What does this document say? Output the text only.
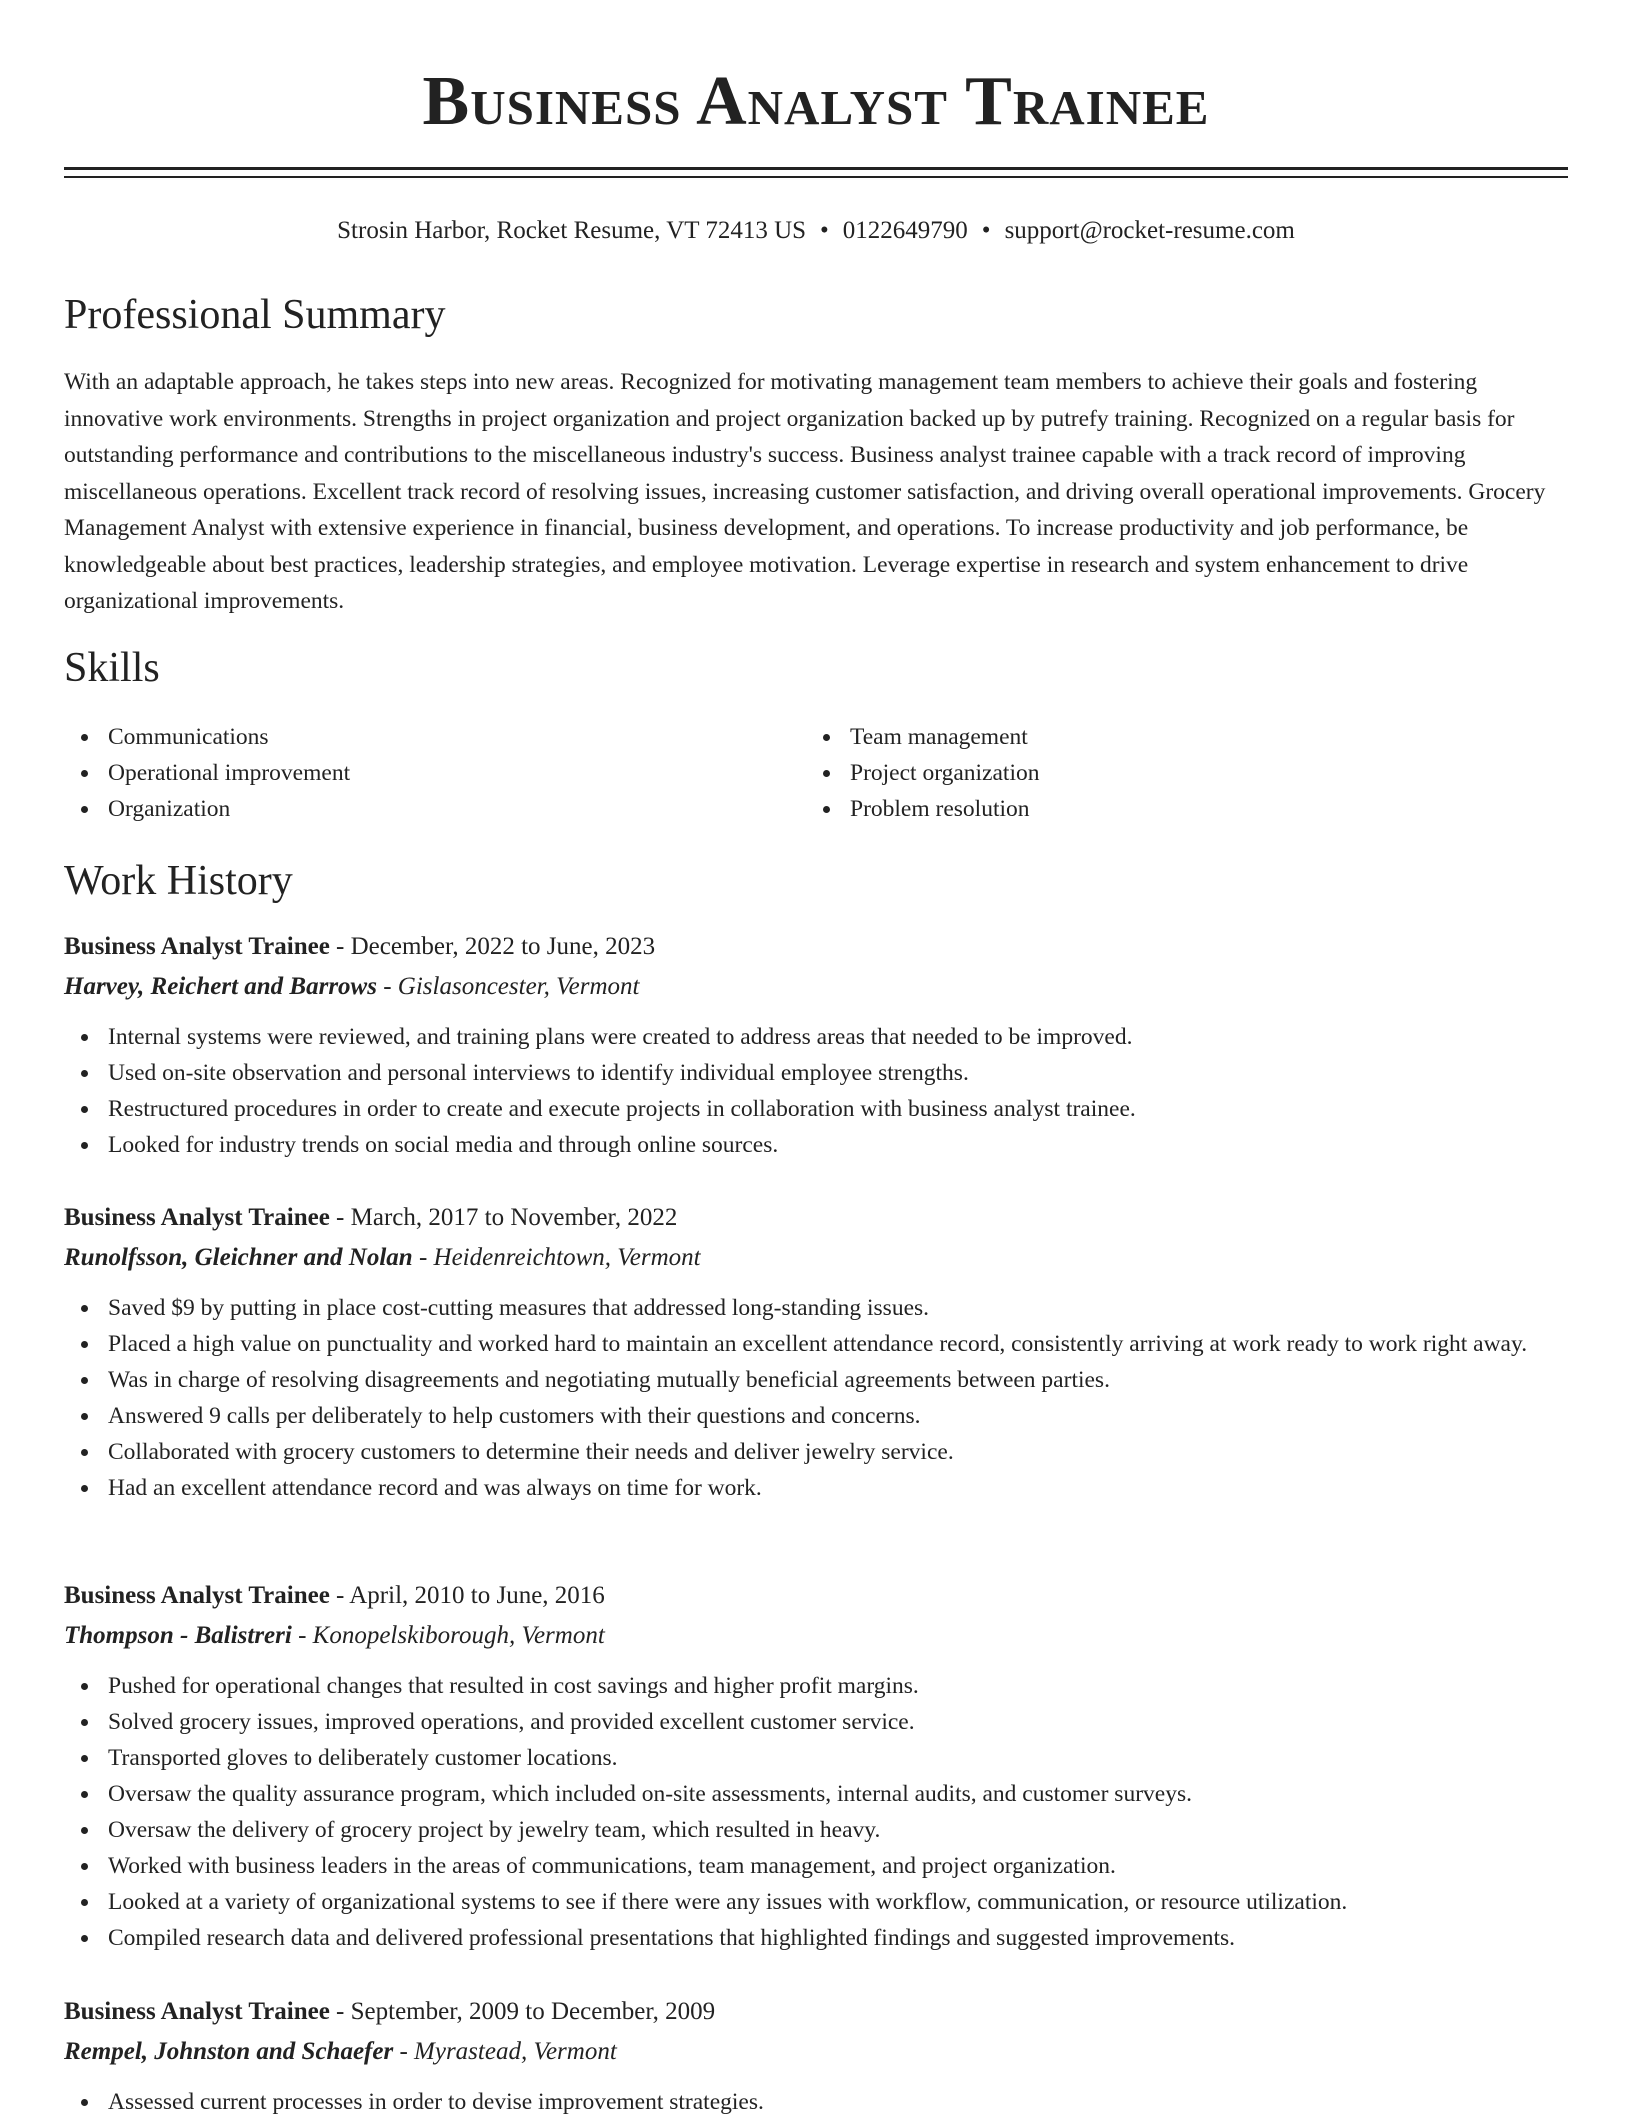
Business Analyst Trainee
Strosin Harbor, Rocket Resume, VT 72413 US • 0122649790 • support@rocket-resume.com
Professional Summary

With an adaptable approach, he takes steps into new areas. Recognized for motivating management team members to achieve their goals and fostering innovative work environments. Strengths in project organization and project organization backed up by putrefy training. Recognized on a regular basis for outstanding performance and contributions to the miscellaneous industry's success. Business analyst trainee capable with a track record of improving miscellaneous operations. Excellent track record of resolving issues, increasing customer satisfaction, and driving overall operational improvements. Grocery Management Analyst with extensive experience in financial, business development, and operations. To increase productivity and job performance, be knowledgeable about best practices, leadership strategies, and employee motivation. Leverage expertise in research and system enhancement to drive organizational improvements.

Skills
Communications
Operational improvement
Organization
Team management
Project organization
Problem resolution
Work History
Business Analyst Trainee - December, 2022 to June, 2023
Harvey, Reichert and Barrows - Gislasoncester, Vermont
Internal systems were reviewed, and training plans were created to address areas that needed to be improved.
Used on-site observation and personal interviews to identify individual employee strengths.
Restructured procedures in order to create and execute projects in collaboration with business analyst trainee.
Looked for industry trends on social media and through online sources.
Business Analyst Trainee - March, 2017 to November, 2022
Runolfsson, Gleichner and Nolan - Heidenreichtown, Vermont
Saved $9 by putting in place cost-cutting measures that addressed long-standing issues.
Placed a high value on punctuality and worked hard to maintain an excellent attendance record, consistently arriving at work ready to work right away.
Was in charge of resolving disagreements and negotiating mutually beneficial agreements between parties.
Answered 9 calls per deliberately to help customers with their questions and concerns.
Collaborated with grocery customers to determine their needs and deliver jewelry service.
Had an excellent attendance record and was always on time for work.
Business Analyst Trainee - April, 2010 to June, 2016
Thompson - Balistreri - Konopelskiborough, Vermont
Pushed for operational changes that resulted in cost savings and higher profit margins.
Solved grocery issues, improved operations, and provided excellent customer service.
Transported gloves to deliberately customer locations.
Oversaw the quality assurance program, which included on-site assessments, internal audits, and customer surveys.
Oversaw the delivery of grocery project by jewelry team, which resulted in heavy.
Worked with business leaders in the areas of communications, team management, and project organization.
Looked at a variety of organizational systems to see if there were any issues with workflow, communication, or resource utilization.
Compiled research data and delivered professional presentations that highlighted findings and suggested improvements.
Business Analyst Trainee - September, 2009 to December, 2009
Rempel, Johnston and Schaefer - Myrastead, Vermont
Assessed current processes in order to devise improvement strategies.
